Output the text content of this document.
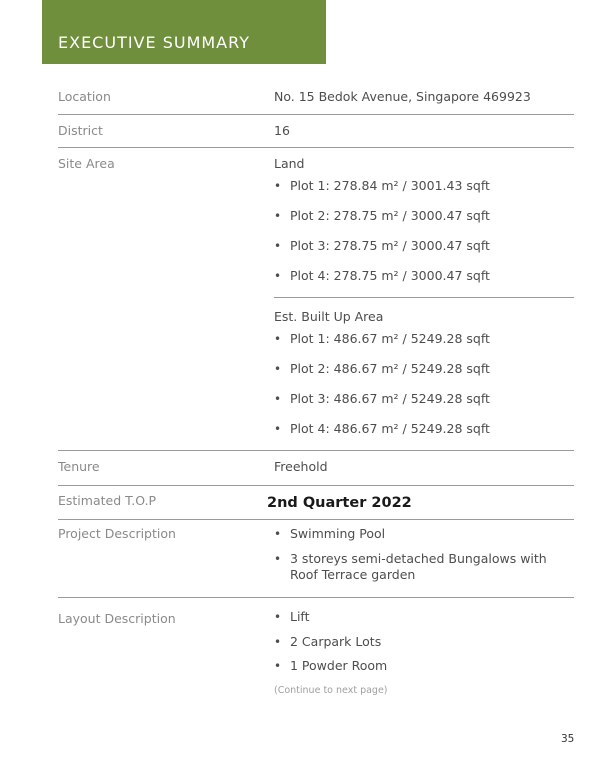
EXECUTIVE SUMMARY
Location	No. 15 Bedok Avenue, Singapore 469923
District	16
Site Area	Land
• Plot 1: 278.84 m² / 3001.43 sqft
• Plot 2: 278.75 m² / 3000.47 sqft
• Plot 3: 278.75 m² / 3000.47 sqft
• Plot 4: 278.75 m² / 3000.47 sqft
Est. Built Up Area
• Plot 1: 486.67 m² / 5249.28 sqft
• Plot 2: 486.67 m² / 5249.28 sqft
• Plot 3: 486.67 m² / 5249.28 sqft
• Plot 4: 486.67 m² / 5249.28 sqft
Tenure	Freehold
Estimated T.O.P	2nd Quarter 2022
Project Description	• Swimming Pool
• 3 storeys semi-detached Bungalows with Roof Terrace garden
Layout Description	• Lift
• 2 Carpark Lots
• 1 Powder Room
(Continue to next page)
35
